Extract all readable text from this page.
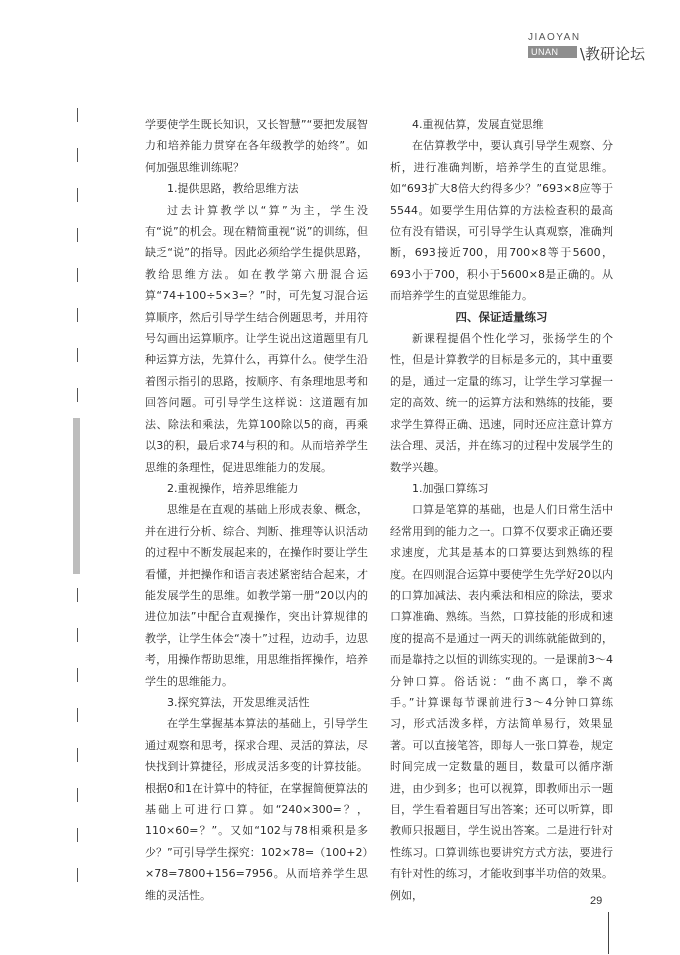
JIAOYAN
UNAN	\教研论坛

学要使学生既长知识，又长智慧”“要把发展智力和培养能力贯穿在各年级教学的始终”。如何加强思维训练呢？

1.提供思路，教给思维方法

过去计算教学以“算”为主，学生没有“说”的机会。现在精简重视“说”的训练，但缺乏“说”的指导。因此必须给学生提供思路，教给思维方法。如在教学第六册混合运算“74+100÷5×3=？”时，可先复习混合运算顺序，然后引导学生结合例题思考，并用符号勾画出运算顺序。让学生说出这道题里有几种运算方法，先算什么，再算什么。使学生沿着图示指引的思路，按顺序、有条理地思考和回答问题。可引导学生这样说：这道题有加法、除法和乘法，先算100除以5的商，再乘以3的积，最后求74与积的和。从而培养学生思维的条理性，促进思维能力的发展。

2.重视操作，培养思维能力

思维是在直观的基础上形成表象、概念，并在进行分析、综合、判断、推理等认识活动的过程中不断发展起来的，在操作时要让学生看懂，并把操作和语言表述紧密结合起来，才能发展学生的思维。如教学第一册“20以内的进位加法”中配合直观操作，突出计算规律的教学，让学生体会“凑十”过程，边动手，边思考，用操作帮助思维，用思维指挥操作，培养学生的思维能力。

3.探究算法，开发思维灵活性

在学生掌握基本算法的基础上，引导学生通过观察和思考，探求合理、灵活的算法，尽快找到计算捷径，形成灵活多变的计算技能。根据0和1在计算中的特征，在掌握简便算法的基础上可进行口算。如“240×300=？，110×60=？”。又如“102与78相乘积是多少？”可引导学生探究：102×78=（100+2）×78=7800+156=7956。从而培养学生思维的灵活性。

4.重视估算，发展直觉思维

在估算教学中，要认真引导学生观察、分析，进行准确判断，培养学生的直觉思维。如“693扩大8倍大约得多少？”693×8应等于5544。如要学生用估算的方法检查积的最高位有没有错误，可引导学生认真观察，准确判断，693接近700，用700×8等于5600，693小于700，积小于5600×8是正确的。从而培养学生的直觉思维能力。

四、保证适量练习

新课程提倡个性化学习，张扬学生的个性，但是计算教学的目标是多元的，其中重要的是，通过一定量的练习，让学生学习掌握一定的高效、统一的运算方法和熟练的技能，要求学生算得正确、迅速，同时还应注意计算方法合理、灵活，并在练习的过程中发展学生的数学兴趣。

1.加强口算练习

口算是笔算的基础，也是人们日常生活中经常用到的能力之一。口算不仅要求正确还要求速度，尤其是基本的口算要达到熟练的程度。在四则混合运算中要使学生先学好20以内的口算加减法、表内乘法和相应的除法，要求口算准确、熟练。当然，口算技能的形成和速度的提高不是通过一两天的训练就能做到的，而是靠持之以恒的训练实现的。一是课前3～4分钟口算。俗话说：“曲不离口，拳不离手。”计算课每节课前进行3～4分钟口算练习，形式活泼多样，方法简单易行，效果显著。可以直接笔答，即每人一张口算卷，规定时间完成一定数量的题目，数量可以循序渐进，由少到多；也可以视算，即教师出示一题目，学生看着题目写出答案；还可以听算，即教师只报题目，学生说出答案。二是进行针对性练习。口算训练也要讲究方式方法，要进行有针对性的练习，才能收到事半功倍的效果。例如，	29
